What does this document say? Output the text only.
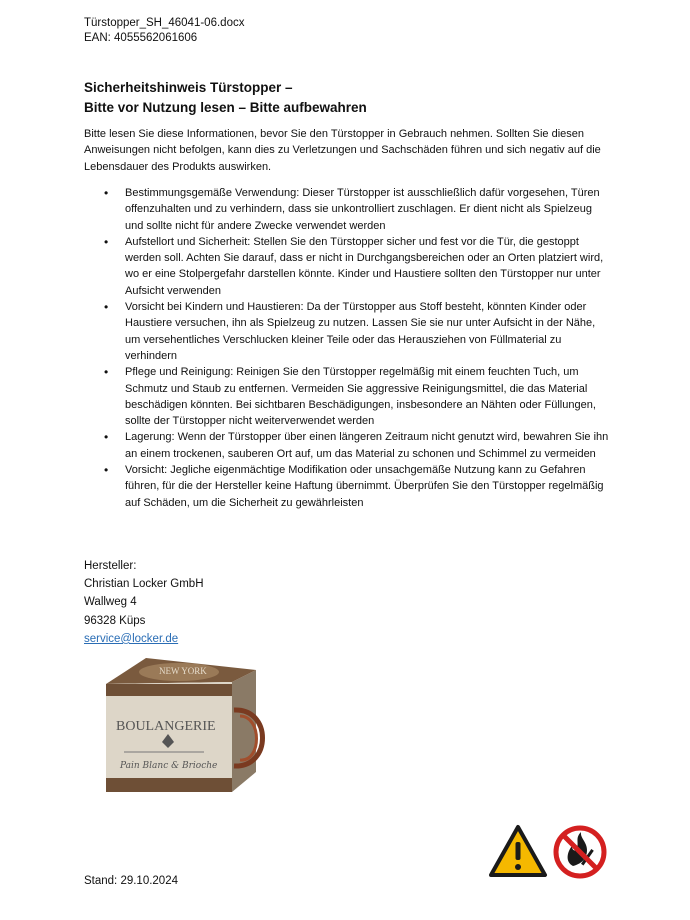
Türstopper_SH_46041-06.docx
EAN: 4055562061606
Sicherheitshinweis Türstopper –
Bitte vor Nutzung lesen – Bitte aufbewahren
Bitte lesen Sie diese Informationen, bevor Sie den Türstopper in Gebrauch nehmen. Sollten Sie diesen Anweisungen nicht befolgen, kann dies zu Verletzungen und Sachschäden führen und sich negativ auf die Lebensdauer des Produkts auswirken.
• Bestimmungsgemäße Verwendung: Dieser Türstopper ist ausschließlich dafür vorgesehen, Türen offenzuhalten und zu verhindern, dass sie unkontrolliert zuschlagen. Er dient nicht als Spielzeug und sollte nicht für andere Zwecke verwendet werden
• Aufstellort und Sicherheit: Stellen Sie den Türstopper sicher und fest vor die Tür, die gestoppt werden soll. Achten Sie darauf, dass er nicht in Durchgangsbereichen oder an Orten platziert wird, wo er eine Stolpergefahr darstellen könnte. Kinder und Haustiere sollten den Türstopper nur unter Aufsicht verwenden
• Vorsicht bei Kindern und Haustieren: Da der Türstopper aus Stoff besteht, könnten Kinder oder Haustiere versuchen, ihn als Spielzeug zu nutzen. Lassen Sie sie nur unter Aufsicht in der Nähe, um versehentliches Verschlucken kleiner Teile oder das Herausziehen von Füllmaterial zu verhindern
• Pflege und Reinigung: Reinigen Sie den Türstopper regelmäßig mit einem feuchten Tuch, um Schmutz und Staub zu entfernen. Vermeiden Sie aggressive Reinigungsmittel, die das Material beschädigen könnten. Bei sichtbaren Beschädigungen, insbesondere an Nähten oder Füllungen, sollte der Türstopper nicht weiterverwendet werden
• Lagerung: Wenn der Türstopper über einen längeren Zeitraum nicht genutzt wird, bewahren Sie ihn an einem trockenen, sauberen Ort auf, um das Material zu schonen und Schimmel zu vermeiden
• Vorsicht: Jegliche eigenmächtige Modifikation oder unsachgemäße Nutzung kann zu Gefahren führen, für die der Hersteller keine Haftung übernimmt. Überprüfen Sie den Türstopper regelmäßig auf Schäden, um die Sicherheit zu gewährleisten
Hersteller:
Christian Locker GmbH
Wallweg 4
96328 Küps
service@locker.de
NEW YORK
BOULANGERIE
Pain Blanc & Brioche
Stand: 29.10.2024
